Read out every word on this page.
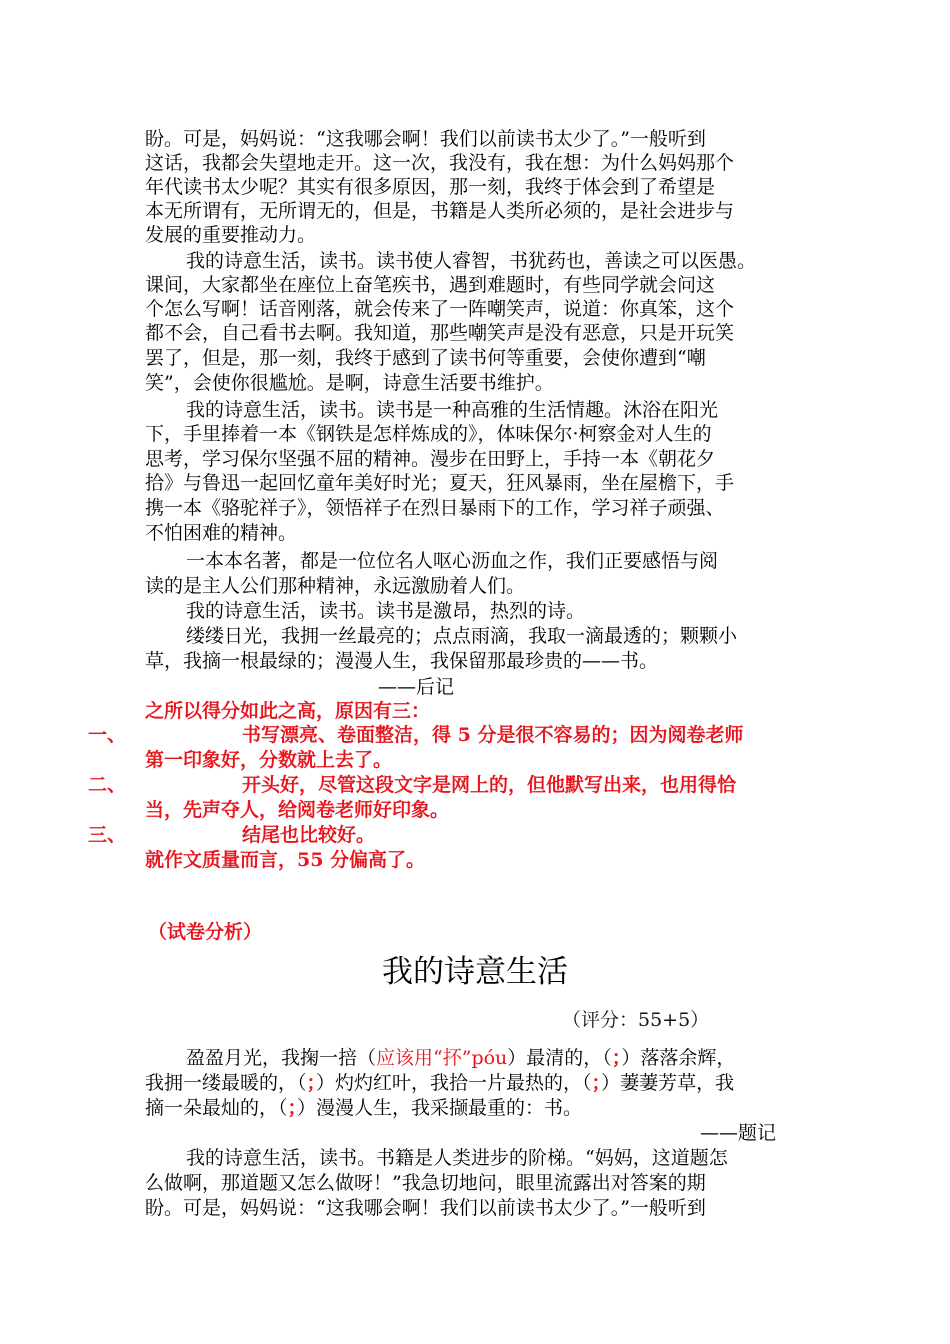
盼。可是，妈妈说：“这我哪会啊！我们以前读书太少了。”一般听到
这话，我都会失望地走开。这一次，我没有，我在想：为什么妈妈那个
年代读书太少呢？其实有很多原因，那一刻，我终于体会到了希望是
本无所谓有，无所谓无的，但是，书籍是人类所必须的，是社会进步与
发展的重要推动力。
我的诗意生活，读书。读书使人睿智，书犹药也，善读之可以医愚。
课间，大家都坐在座位上奋笔疾书，遇到难题时，有些同学就会问这
个怎么写啊！话音刚落，就会传来了一阵嘲笑声，说道：你真笨，这个
都不会，自己看书去啊。我知道，那些嘲笑声是没有恶意，只是开玩笑
罢了，但是，那一刻，我终于感到了读书何等重要，会使你遭到“嘲
笑”，会使你很尴尬。是啊，诗意生活要书维护。
我的诗意生活，读书。读书是一种高雅的生活情趣。沐浴在阳光
下，手里捧着一本《钢铁是怎样炼成的》，体味保尔·柯察金对人生的
思考，学习保尔坚强不屈的精神。漫步在田野上，手持一本《朝花夕
拾》与鲁迅一起回忆童年美好时光；夏天，狂风暴雨，坐在屋檐下，手
携一本《骆驼祥子》，领悟祥子在烈日暴雨下的工作，学习祥子顽强、
不怕困难的精神。
一本本名著，都是一位位名人呕心沥血之作，我们正要感悟与阅
读的是主人公们那种精神，永远激励着人们。
我的诗意生活，读书。读书是激昂，热烈的诗。
缕缕日光，我拥一丝最亮的；点点雨滴，我取一滴最透的；颗颗小
草，我摘一根最绿的；漫漫人生，我保留那最珍贵的——书。
——后记
之所以得分如此之高，原因有三：
一、	书写漂亮、卷面整洁，得 5 分是很不容易的；因为阅卷老师
第一印象好，分数就上去了。
二、	开头好，尽管这段文字是网上的，但他默写出来，也用得恰
当，先声夺人，给阅卷老师好印象。
三、	结尾也比较好。
就作文质量而言，55 分偏高了。
（试卷分析）
我的诗意生活
（评分：55+5）
盈盈月光，我掬一掊（应该用“抔”póu）最清的，（；）落落余辉，
我拥一缕最暖的，（；）灼灼红叶，我拾一片最热的，（；）萋萋芳草，我
摘一朵最灿的，（；）漫漫人生，我采撷最重的：书。
——题记
我的诗意生活，读书。书籍是人类进步的阶梯。“妈妈，这道题怎
么做啊，那道题又怎么做呀！”我急切地问，眼里流露出对答案的期
盼。可是，妈妈说：“这我哪会啊！我们以前读书太少了。”一般听到
